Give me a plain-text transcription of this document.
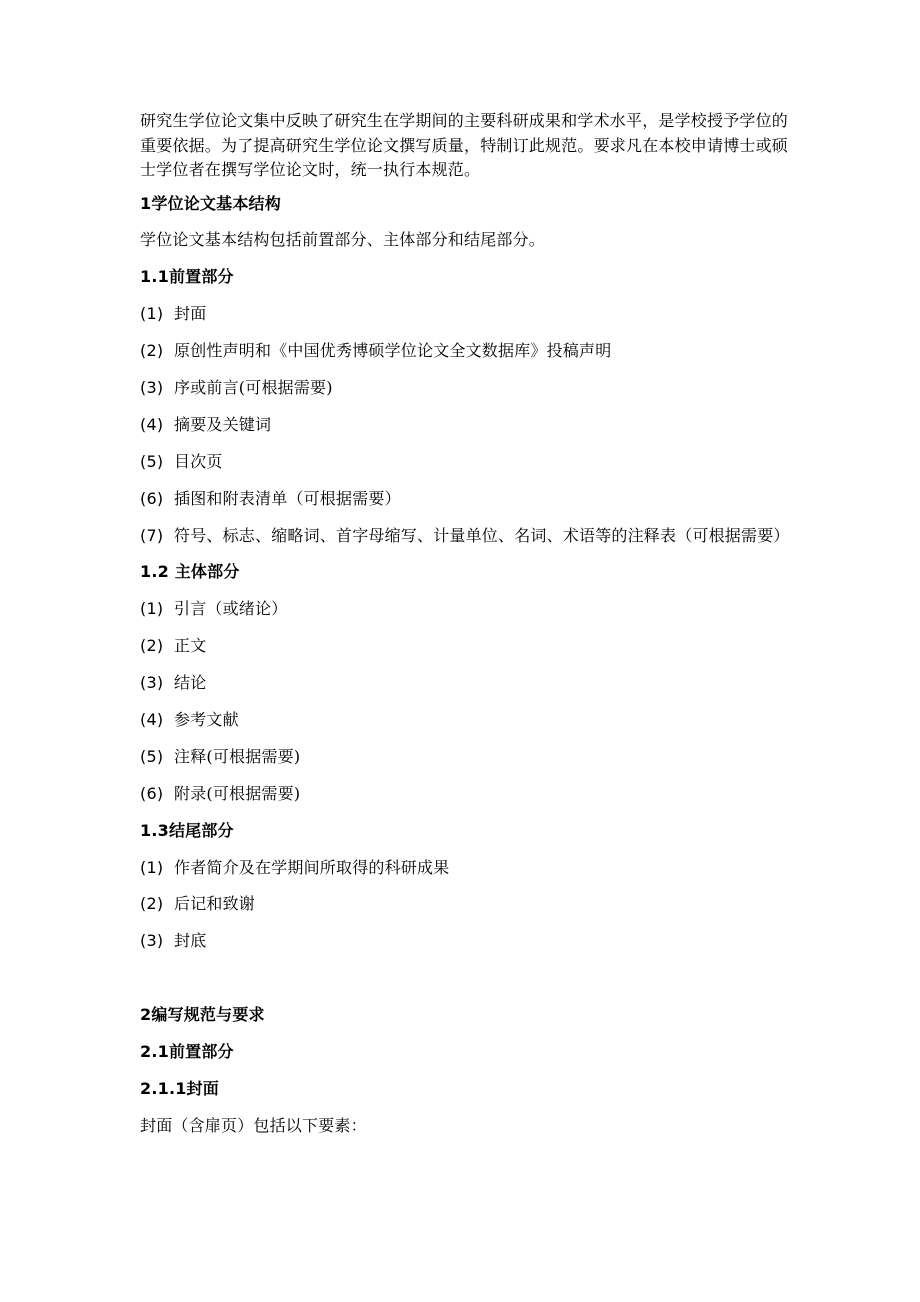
研究生学位论文集中反映了研究生在学期间的主要科研成果和学术水平，是学校授予学位的重要依据。为了提高研究生学位论文撰写质量，特制订此规范。要求凡在本校申请博士或硕士学位者在撰写学位论文时，统一执行本规范。

1学位论文基本结构
学位论文基本结构包括前置部分、主体部分和结尾部分。
1.1前置部分
(1) 封面
(2) 原创性声明和《中国优秀博硕学位论文全文数据库》投稿声明
(3) 序或前言(可根据需要)
(4) 摘要及关键词
(5) 目次页
(6) 插图和附表清单（可根据需要）
(7) 符号、标志、缩略词、首字母缩写、计量单位、名词、术语等的注释表（可根据需要）
1.2 主体部分
(1) 引言（或绪论）
(2) 正文
(3) 结论
(4) 参考文献
(5) 注释(可根据需要)
(6) 附录(可根据需要)
1.3结尾部分
(1) 作者简介及在学期间所取得的科研成果
(2) 后记和致谢
(3) 封底
2编写规范与要求
2.1前置部分
2.1.1封面
封面（含扉页）包括以下要素：
